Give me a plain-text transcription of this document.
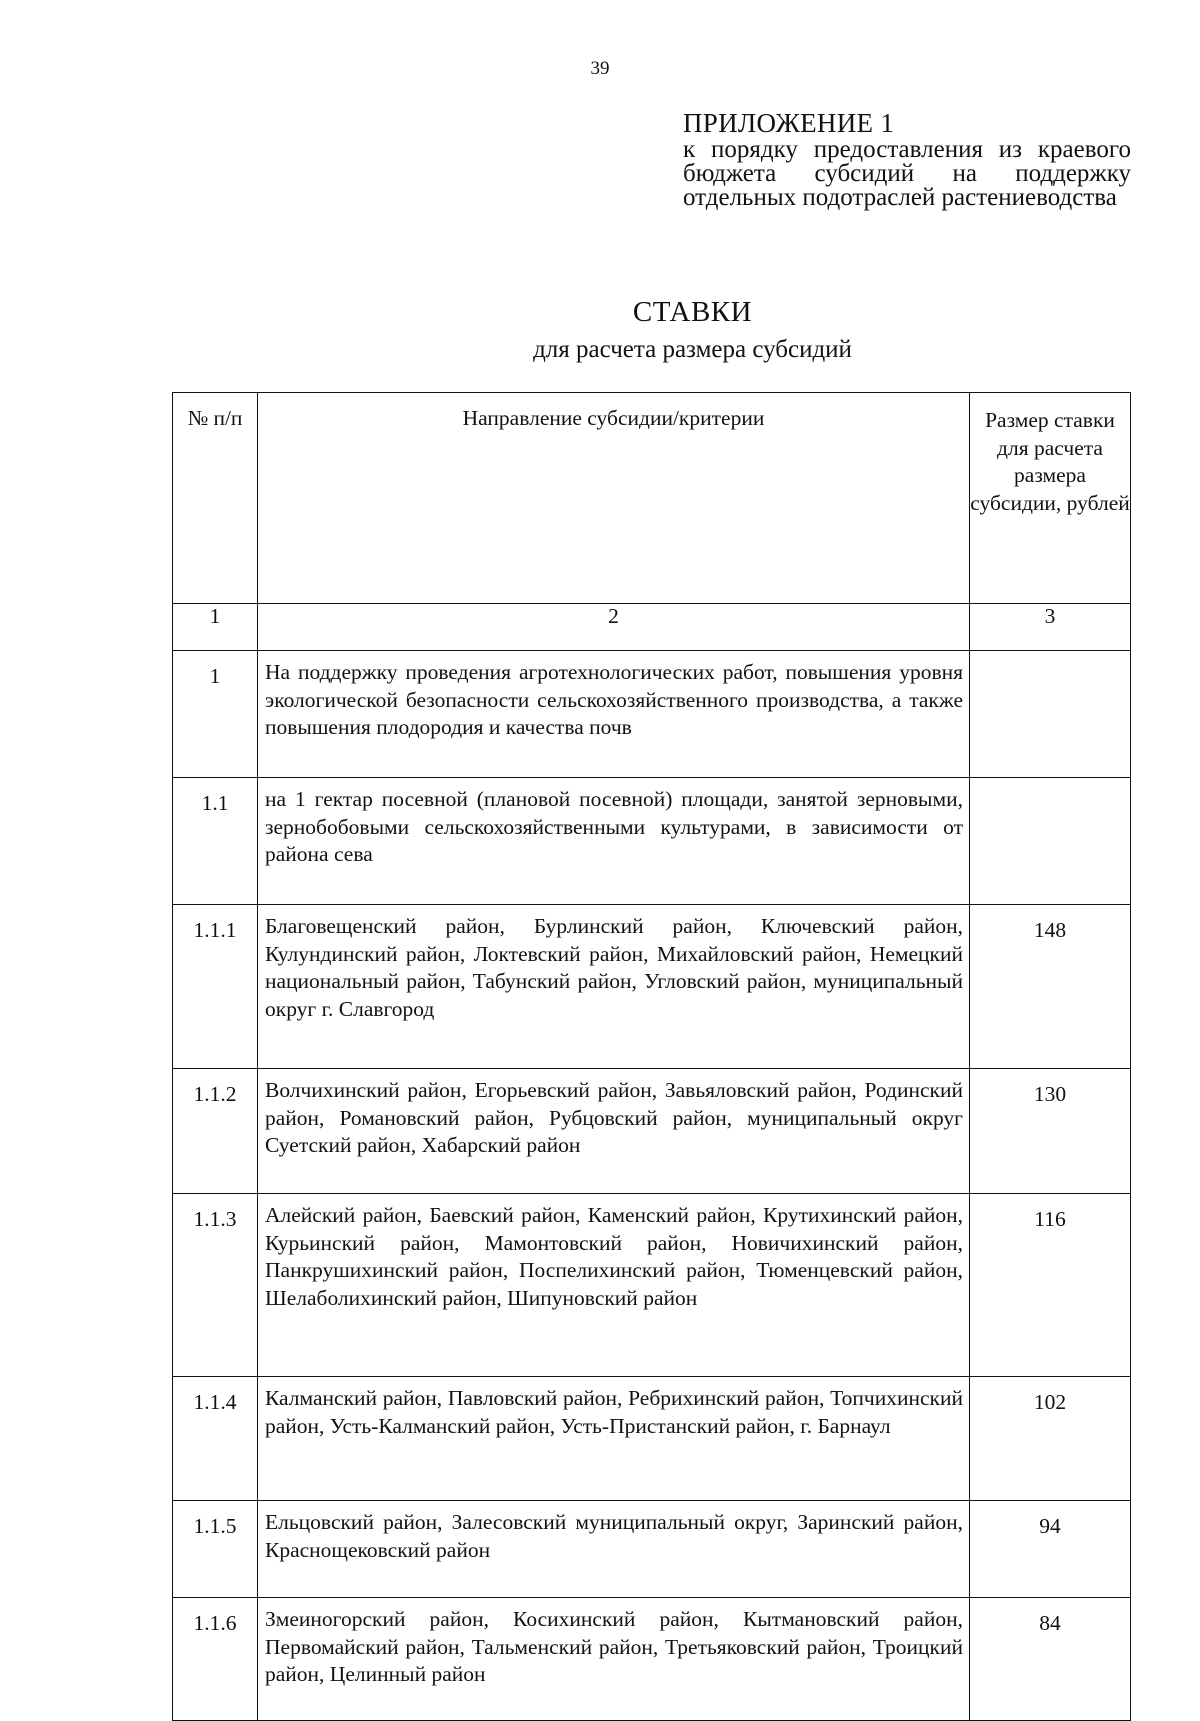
39
ПРИЛОЖЕНИЕ 1
к порядку предоставления из краевого бюджета субсидий на поддержку отдельных подотраслей растениеводства
СТАВКИ
для расчета размера субсидий
№ п/п	Направление субсидии/критерии	Размер ставки для расчета размера субсидии, рублей
1	2	3
1	На поддержку проведения агротехнологических работ, повышения уровня экологической безопасности сельскохозяйственного производства, а также повышения плодородия и качества почв	
1.1	на 1 гектар посевной (плановой посевной) площади, занятой зерновыми, зернобобовыми сельскохозяйственными культурами, в зависимости от района сева	
1.1.1	Благовещенский район, Бурлинский район, Ключевский район, Кулундинский район, Локтевский район, Михайловский район, Немецкий национальный район, Табунский район, Угловский район, муниципальный округ г. Славгород	148
1.1.2	Волчихинский район, Егорьевский район, Завьяловский район, Родинский район, Романовский район, Рубцовский район, муниципальный округ Суетский район, Хабарский район	130
1.1.3	Алейский район, Баевский район, Каменский район, Крутихинский район, Курьинский район, Мамонтовский район, Новичихинский район, Панкрушихинский район, Поспелихинский район, Тюменцевский район, Шелаболихинский район, Шипуновский район	116
1.1.4	Калманский район, Павловский район, Ребрихинский район, Топчихинский район, Усть-Калманский район, Усть-Пристанский район, г. Барнаул	102
1.1.5	Ельцовский район, Залесовский муниципальный округ, Заринский район, Краснощековский район	94
1.1.6	Змеиногорский район, Косихинский район, Кытмановский район, Первомайский район, Тальменский район, Третьяковский район, Троицкий район, Целинный район	84
